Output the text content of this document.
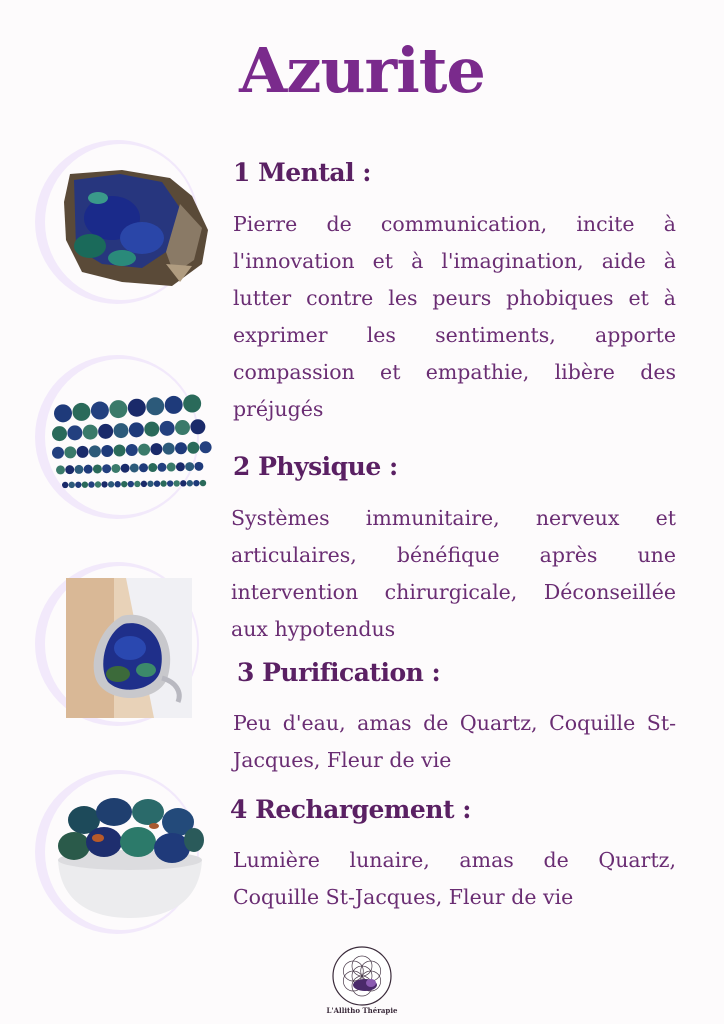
Azurite
1 Mental :
Pierre de communication, incite à l'innovation et à l'imagination, aide à lutter contre les peurs phobiques et à exprimer les sentiments, apporte compassion et empathie, libère des préjugés
2 Physique :
Systèmes immunitaire, nerveux et articulaires, bénéfique après une intervention chirurgicale, Déconseillée aux hypotendus
3 Purification :
Peu d'eau, amas de Quartz, Coquille St-Jacques, Fleur de vie
4 Rechargement :
Lumière lunaire, amas de Quartz, Coquille St-Jacques, Fleur de vie
L'Allitho Thérapie
